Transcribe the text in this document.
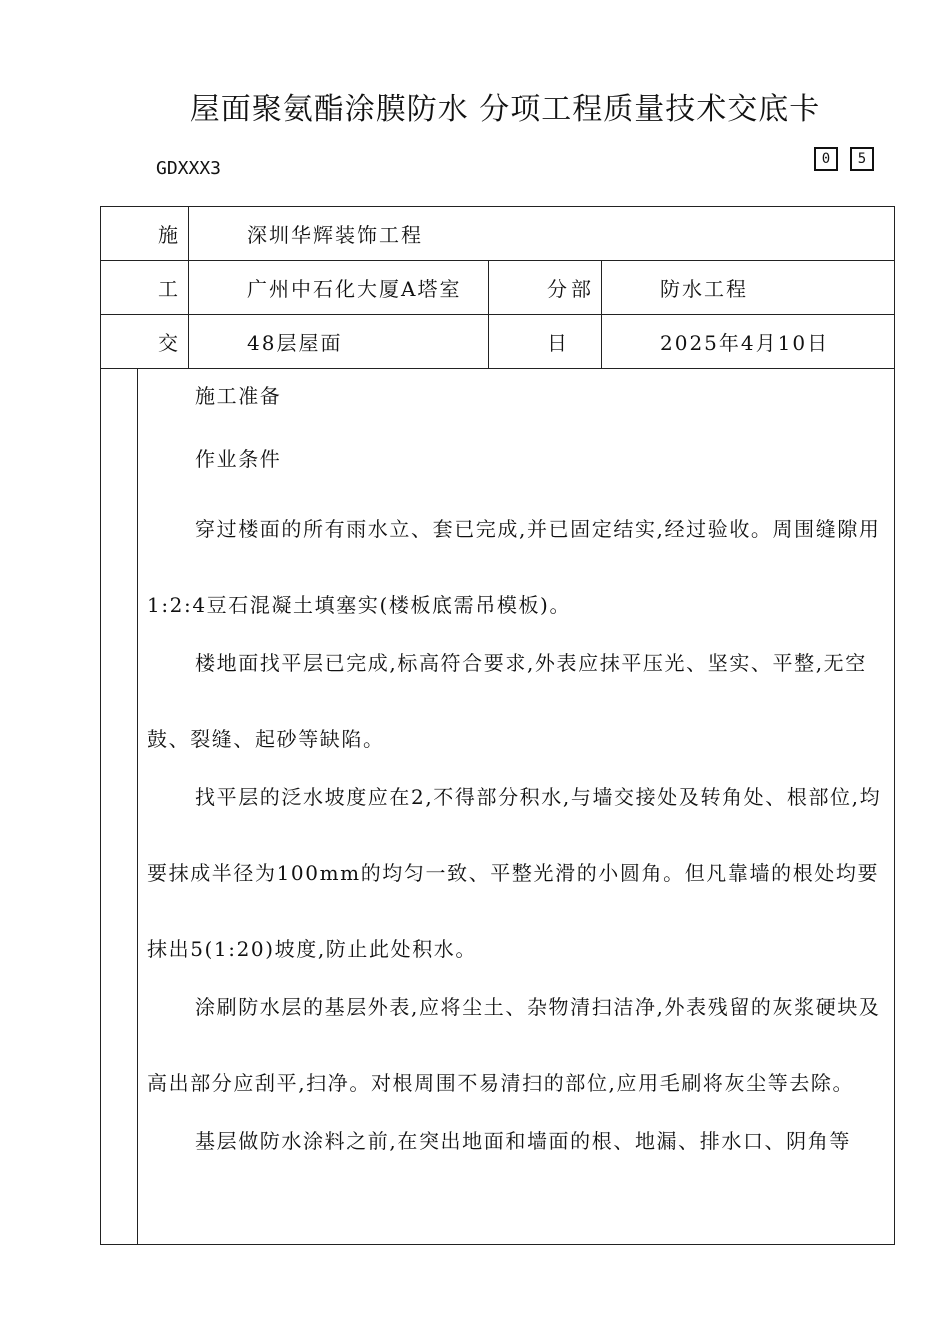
屋面聚氨酯涂膜防水 分项工程质量技术交底卡
GDXXX3	0	5
施	深圳华辉装饰工程
工	广州中石化大厦A塔室	分部	防水工程
交	48层屋面	日	2025年4月10日

施工准备

作业条件

穿过楼面的所有雨水立、套已完成,并已固定结实,经过验收。周围缝隙用1:2:4豆石混凝土填塞实(楼板底需吊模板)。

楼地面找平层已完成,标高符合要求,外表应抹平压光、坚实、平整,无空鼓、裂缝、起砂等缺陷。

找平层的泛水坡度应在2,不得部分积水,与墙交接处及转角处、根部位,均要抹成半径为100mm的均匀一致、平整光滑的小圆角。但凡靠墙的根处均要抹出5(1:20)坡度,防止此处积水。

涂刷防水层的基层外表,应将尘土、杂物清扫洁净,外表残留的灰浆硬块及高出部分应刮平,扫净。对根周围不易清扫的部位,应用毛刷将灰尘等去除。

基层做防水涂料之前,在突出地面和墙面的根、地漏、排水口、阴角等
